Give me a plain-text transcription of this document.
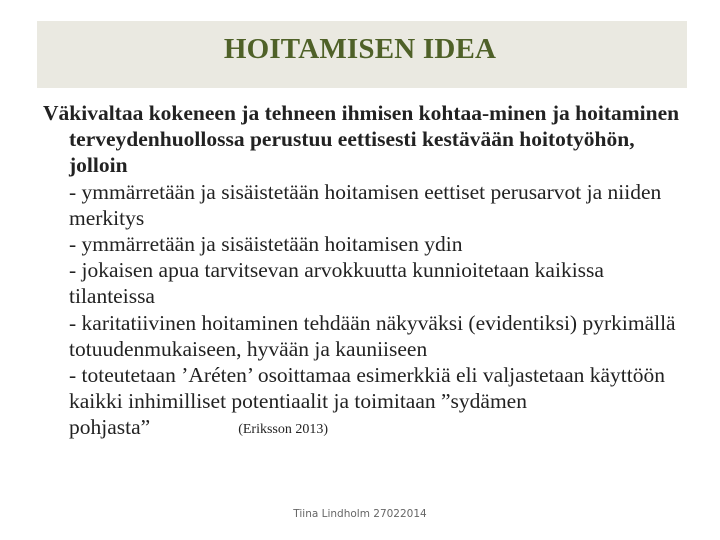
HOITAMISEN IDEA

Väkivaltaa kokeneen ja tehneen ihmisen kohtaa-minen ja hoitaminen terveydenhuollossa perustuu eettisesti kestävään hoitotyöhön, jolloin

- ymmärretään ja sisäistetään hoitamisen eettiset perusarvot ja niiden merkitys

- ymmärretään ja sisäistetään hoitamisen ydin

- jokaisen apua tarvitsevan arvokkuutta kunnioitetaan kaikissa tilanteissa

- karitatiivinen hoitaminen tehdään näkyväksi (evidentiksi) pyrkimällä totuudenmukaiseen, hyvään ja kauniiseen

- toteutetaan ’Aréten’ osoittamaa esimerkkiä eli valjastetaan käyttöön kaikki inhimilliset potentiaalit ja toimitaan ”sydämen pohjasta”	(Eriksson 2013)

Tiina Lindholm 27022014
